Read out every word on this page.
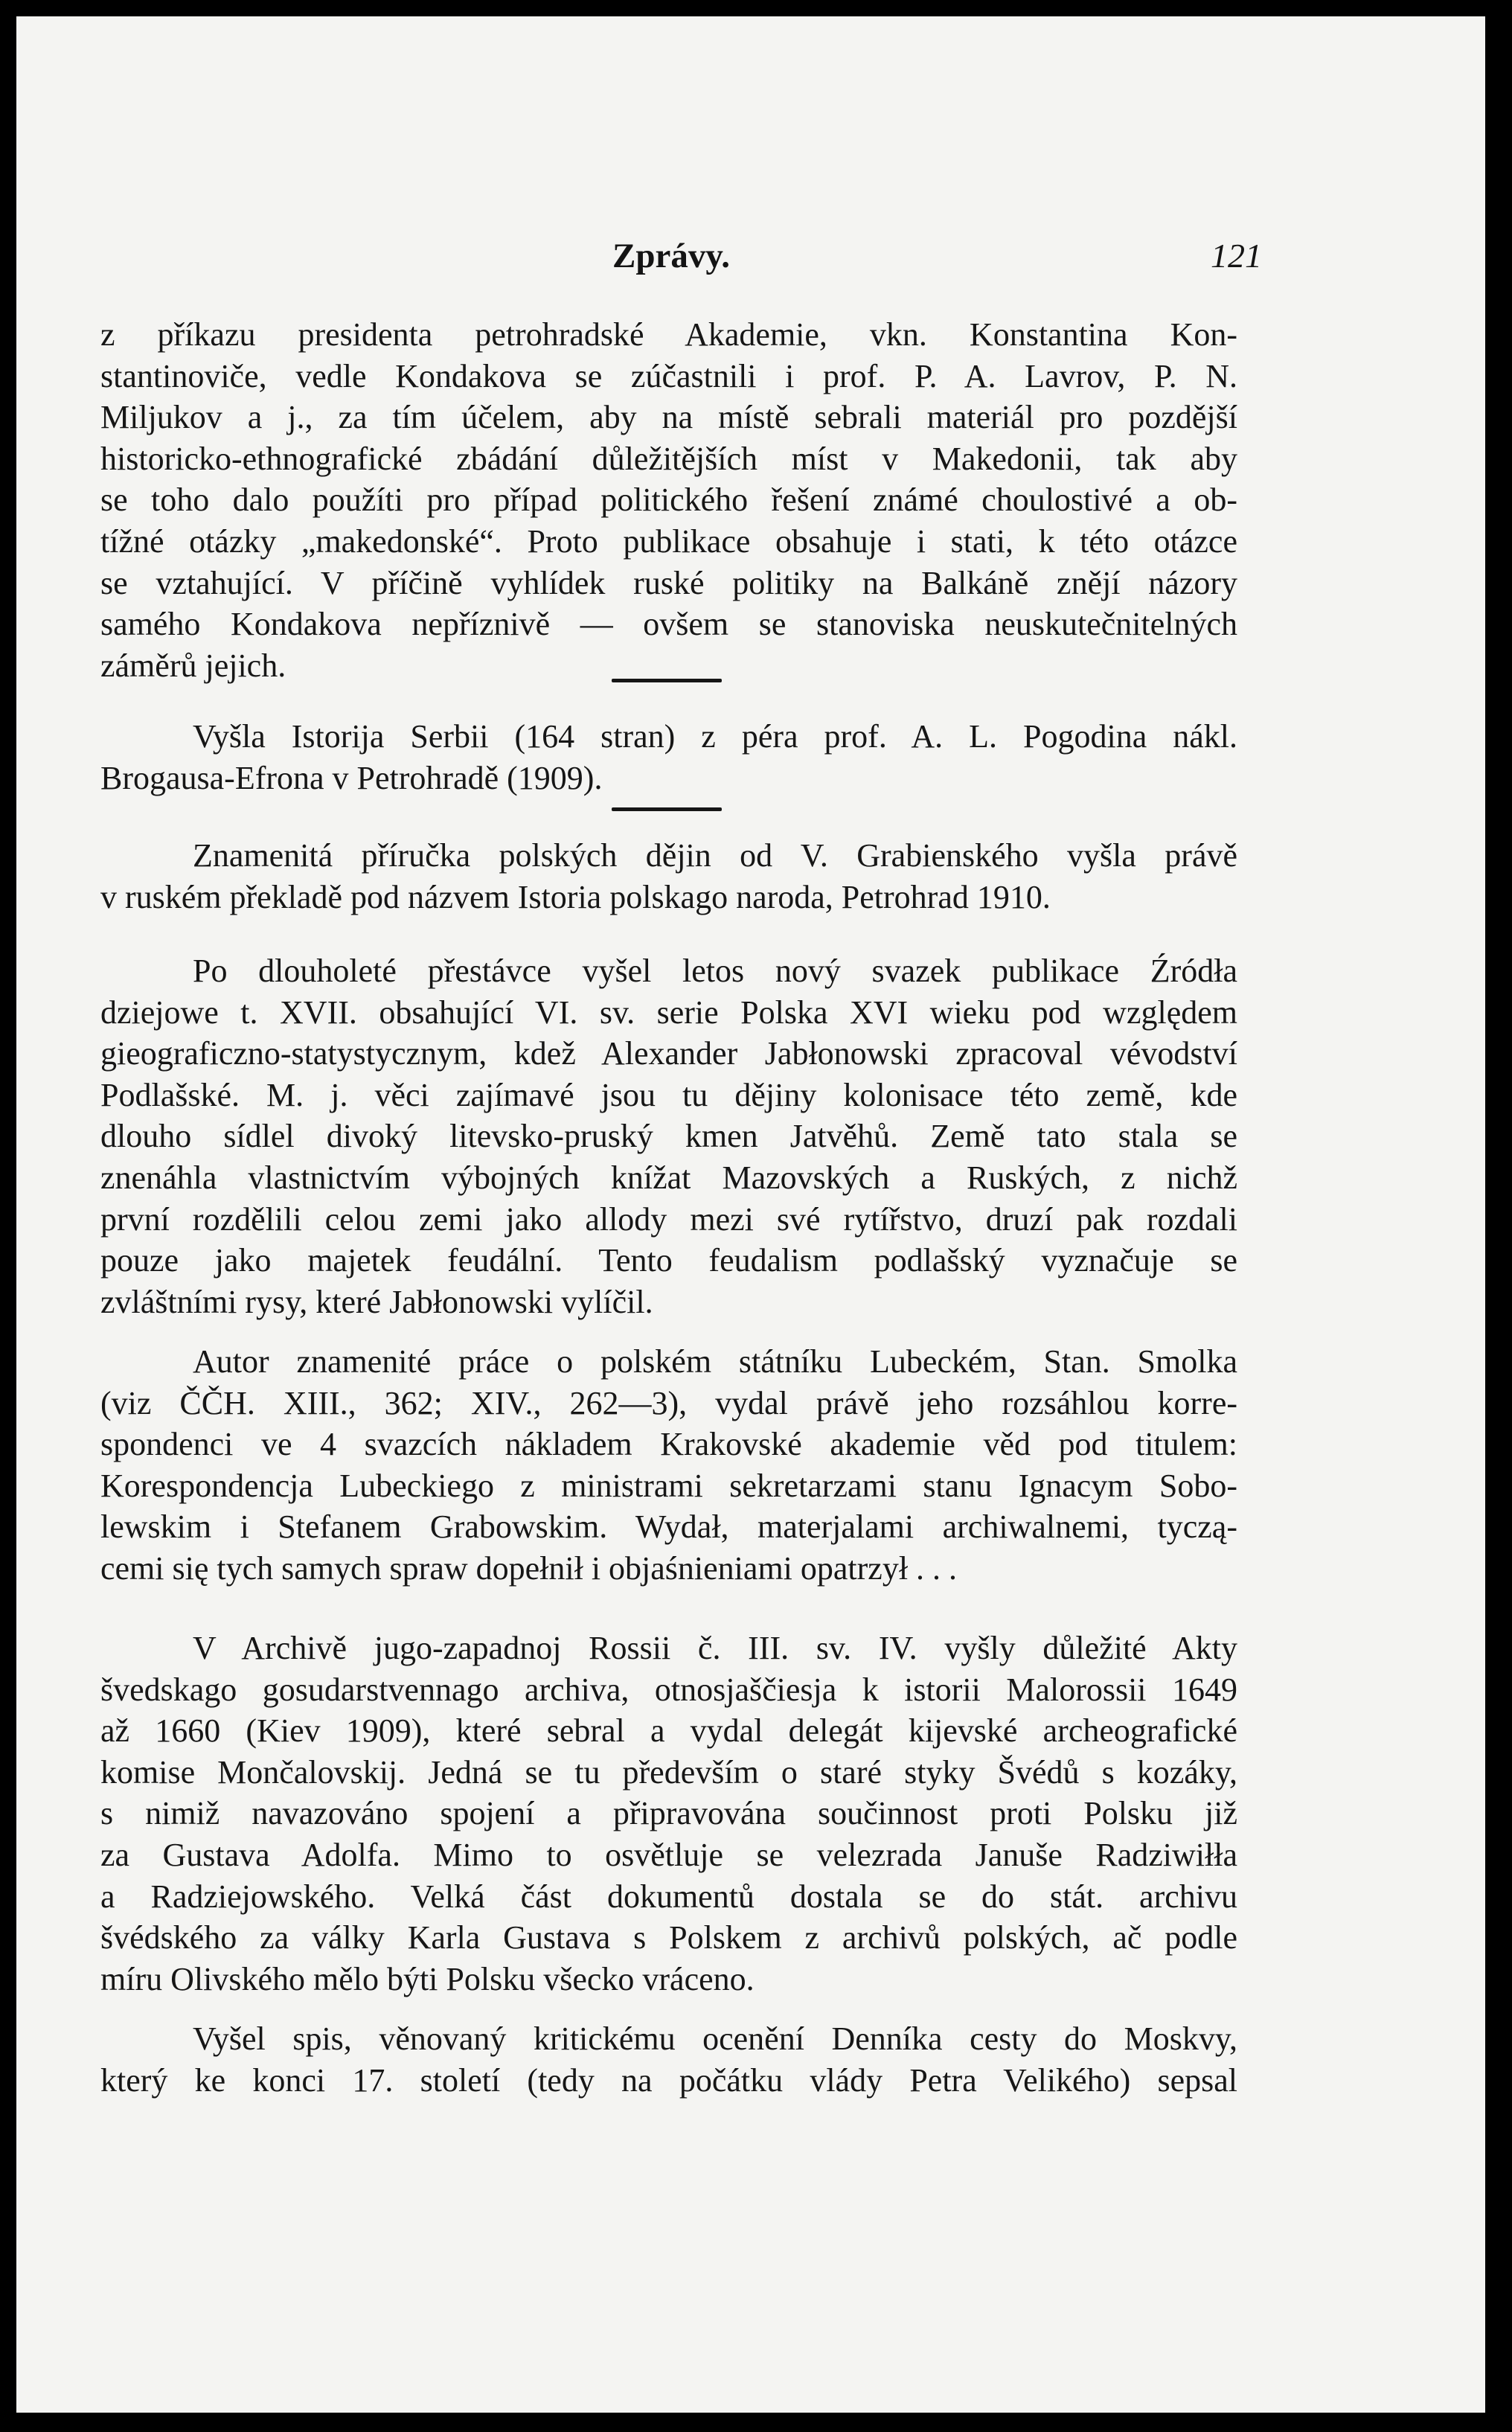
Zprávy.	121
z příkazu presidenta petrohradské Akademie, vkn. Konstantina Kon-
stantinoviče, vedle Kondakova se zúčastnili i prof. P. A. Lavrov, P. N.
Miljukov a j., za tím účelem, aby na místě sebrali materiál pro pozdější
historicko-ethnografické zbádání důležitějších míst v Makedonii, tak aby
se toho dalo použíti pro případ politického řešení známé choulostivé a ob-
tížné otázky „makedonské“. Proto publikace obsahuje i stati, k této otázce
se vztahující. V příčině vyhlídek ruské politiky na Balkáně znějí názory
samého Kondakova nepříznivě — ovšem se stanoviska neuskutečnitelných
záměrů jejich.
Vyšla Istorija Serbii (164 stran) z péra prof. A. L. Pogodina nákl.
Brogausa-Efrona v Petrohradě (1909).
Znamenitá příručka polských dějin od V. Grabienského vyšla právě
v ruském překladě pod názvem Istoria polskago naroda, Petrohrad 1910.
Po dlouholeté přestávce vyšel letos nový svazek publikace Źródła
dziejowe t. XVII. obsahující VI. sv. serie Polska XVI wieku pod względem
gieograficzno-statystycznym, kdež Alexander Jabłonowski zpracoval vévodství
Podlašské. M. j. věci zajímavé jsou tu dějiny kolonisace této země, kde
dlouho sídlel divoký litevsko-pruský kmen Jatvěhů. Země tato stala se
znenáhla vlastnictvím výbojných knížat Mazovských a Ruských, z nichž
první rozdělili celou zemi jako allody mezi své rytířstvo, druzí pak rozdali
pouze jako majetek feudální. Tento feudalism podlašský vyznačuje se
zvláštními rysy, které Jabłonowski vylíčil.
Autor znamenité práce o polském státníku Lubeckém, Stan. Smolka
(viz ČČH. XIII., 362; XIV., 262—3), vydal právě jeho rozsáhlou korre-
spondenci ve 4 svazcích nákladem Krakovské akademie věd pod titulem:
Korespondencja Lubeckiego z ministrami sekretarzami stanu Ignacym Sobo-
lewskim i Stefanem Grabowskim. Wydał, materjalami archiwalnemi, tyczą-
cemi się tych samych spraw dopełnił i objaśnieniami opatrzył . . .
V Archivě jugo-zapadnoj Rossii č. III. sv. IV. vyšly důležité Akty
švedskago gosudarstvennago archiva, otnosjaščiesja k istorii Malorossii 1649
až 1660 (Kiev 1909), které sebral a vydal delegát kijevské archeografické
komise Mončalovskij. Jedná se tu především o staré styky Švédů s kozáky,
s nimiž navazováno spojení a připravována součinnost proti Polsku již
za Gustava Adolfa. Mimo to osvětluje se velezrada Januše Radziwiłła
a Radziejowského. Velká část dokumentů dostala se do stát. archivu
švédského za války Karla Gustava s Polskem z archivů polských, ač podle
míru Olivského mělo býti Polsku všecko vráceno.
Vyšel spis, věnovaný kritickému ocenění Denníka cesty do Moskvy,
který ke konci 17. století (tedy na počátku vlády Petra Velikého) sepsal
